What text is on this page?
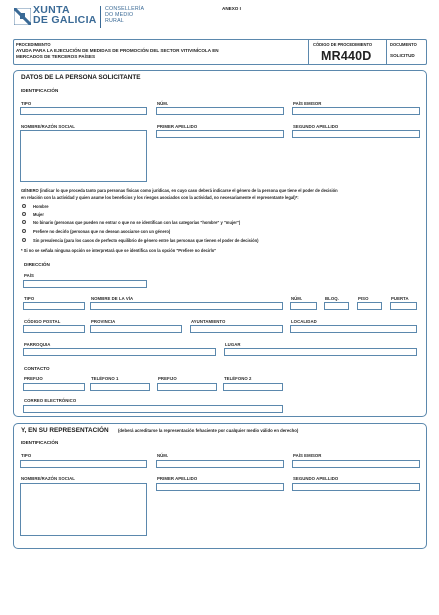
XUNTA
DE GALICIA
CONSELLERÍA
DO MEDIO
RURAL
ANEXO I
PROCEDIMIENTO
AYUDA PARA LA EJECUCIÓN DE MEDIDAS DE PROMOCIÓN DEL SECTOR VITIVINÍCOLA EN
MERCADOS DE TERCEROS PAÍSES
CÓDIGO DE PROCEDIMIENTO
MR440D
DOCUMENTO
SOLICITUD
DATOS DE LA PERSONA SOLICITANTE
IDENTIFICACIÓN
TIPO	NÚM.	PAÍS EMISOR
NOMBRE/RAZÓN SOCIAL	PRIMER APELLIDO	SEGUNDO APELLIDO
GÉNERO (indicar lo que proceda tanto para personas físicas como jurídicas, en cuyo caso deberá indicarse el género de la persona que tiene el poder de decisión
en relación con la actividad y quien asume los beneficios y los riesgos asociados con la actividad, no necesariamente el representante legal)*:
Hombre
Mujer
No binario (personas que pueden no entrar o que no se identifican con las categorías "hombre" y "mujer")
Prefiere no decirlo (personas que no desean asociarse con un género)
Sin prevalencia (para los casos de perfecto equilibrio de género entre las personas que tienen el poder de decisión)
* Si no se señala ninguna opción se interpretará que se identifica con la opción "Prefiere no decirlo"
DIRECCIÓN
PAÍS
TIPO	NOMBRE DE LA VÍA	NÚM.	BLOQ.	PISO	PUERTA
CÓDIGO POSTAL	PROVINCIA	AYUNTAMIENTO	LOCALIDAD
PARROQUIA	LUGAR
CONTACTO
PREFIJO	TELÉFONO 1	PREFIJO	TELÉFONO 2
CORREO ELECTRÓNICO
Y, EN SU REPRESENTACIÓN (deberá acreditarse la representación fehaciente por cualquier medio válido en derecho)
IDENTIFICACIÓN
TIPO	NÚM.	PAÍS EMISOR
NOMBRE/RAZÓN SOCIAL	PRIMER APELLIDO	SEGUNDO APELLIDO
